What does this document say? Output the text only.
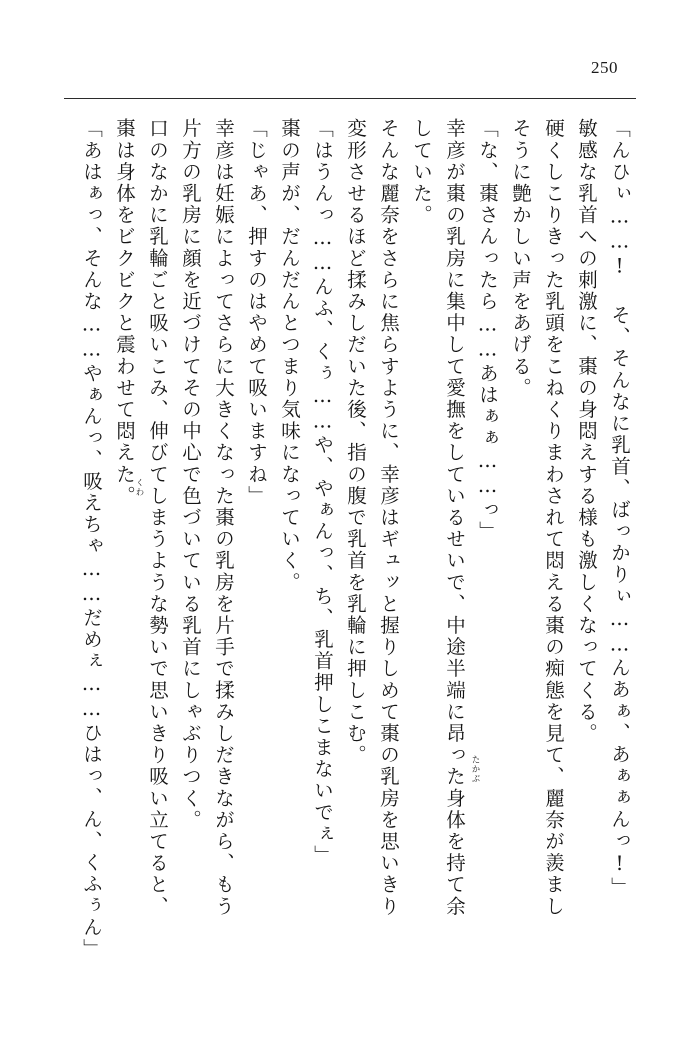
250
「んひぃ……! そ、そんなに乳首、ばっかりぃ……んあぁ、あぁぁんっ!」
敏感な乳首への刺激に、棗の身悶えする様も激しくなってくる。
硬くしこりきった乳頭をこねくりまわされて悶える棗の痴態を見て、麗奈が羨まし
そうに艶かしい声をあげる。
「な、棗さんったら……あはぁぁ……っ」
幸彦が棗の乳房に集中して愛撫をしているせいで、中途半端に昂った身体を持て余
していた。
そんな麗奈をさらに焦らすように、幸彦はギュッと握りしめて棗の乳房を思いきり
変形させるほど揉みしだいた後、指の腹で乳首を乳輪に押しこむ。
「はうんっ……んふ、くぅ……や、やぁんっ、ち、乳首押しこまないでぇ」
棗の声が、だんだんとつまり気味になっていく。
「じゃあ、押すのはやめて吸いますね」
幸彦は妊娠によってさらに大きくなった棗の乳房を片手で揉みしだきながら、もう
片方の乳房に顔を近づけてその中心で色づいている乳首にしゃぶりつく。
口のなかに乳輪ごと吸いこみ、伸びてしまうような勢いで思いきり吸い立てると、
棗は身体をビクビクと震わせて悶えた。
「あはぁっ、そんな……やぁんっ、吸えちゃ……だめぇ……ひはっ、ん、くふぅん」	たかぶ
くわ
